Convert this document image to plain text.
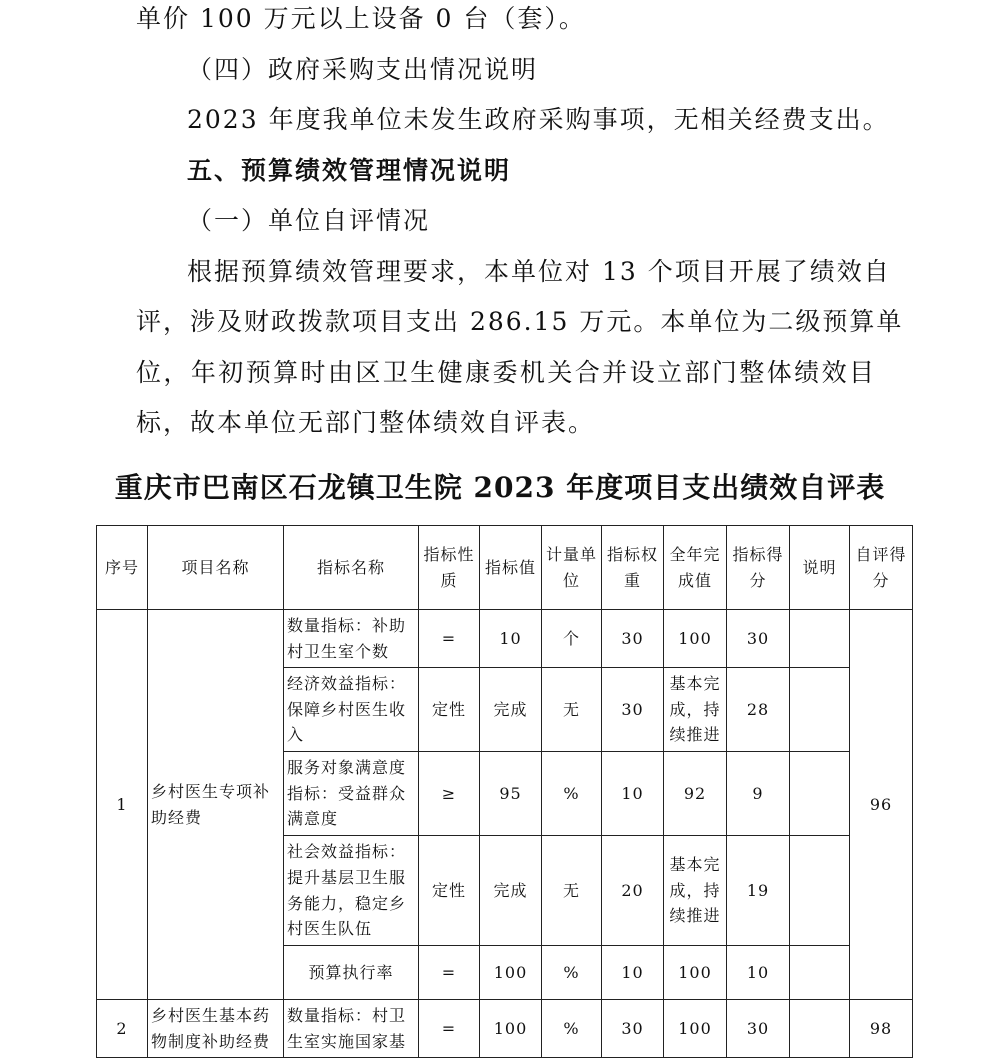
单价 100 万元以上设备 0 台（套）。
（四）政府采购支出情况说明
2023 年度我单位未发生政府采购事项，无相关经费支出。
五、预算绩效管理情况说明
（一）单位自评情况
根据预算绩效管理要求，本单位对 13 个项目开展了绩效自
评，涉及财政拨款项目支出 286.15 万元。本单位为二级预算单
位，年初预算时由区卫生健康委机关合并设立部门整体绩效目
标，故本单位无部门整体绩效自评表。
重庆市巴南区石龙镇卫生院 2023 年度项目支出绩效自评表
序号	项目名称	指标名称	指标性质	指标值	计量单位	指标权重	全年完成值	指标得分	说明	自评得分
1	乡村医生专项补助经费	数量指标：补助村卫生室个数	=	10	个	30	100	30		96
		经济效益指标：保障乡村医生收入	定性	完成	无	30	基本完成，持续推进	28		
		服务对象满意度指标：受益群众满意度	≥	95	%	10	92	9		
		社会效益指标：提升基层卫生服务能力，稳定乡村医生队伍	定性	完成	无	20	基本完成，持续推进	19		
		预算执行率	=	100	%	10	100	10		
2	乡村医生基本药物制度补助经费	数量指标：村卫生室实施国家基	=	100	%	30	100	30		98
